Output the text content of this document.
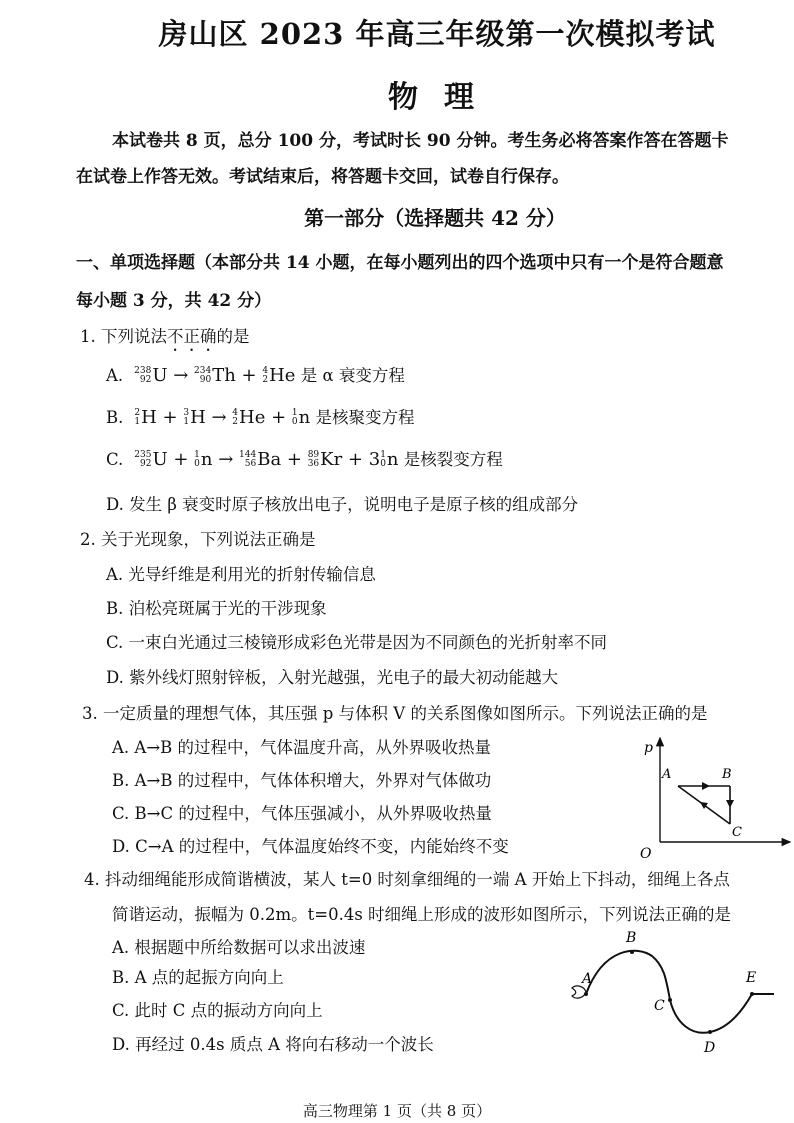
房山区 2023 年高三年级第一次模拟考试
物理
本试卷共 8 页，总分 100 分，考试时长 90 分钟。考生务必将答案作答在答题卡
在试卷上作答无效。考试结束后，将答题卡交回，试卷自行保存。
第一部分（选择题共 42 分）
一、单项选择题（本部分共 14 小题，在每小题列出的四个选项中只有一个是符合题意
每小题 3 分，共 42 分）
1. 下列说法不正确的是
A. 238
92 U → 234
90 Th + 4
2 He 是 α 衰变方程
B. 2
1 H + 3
1 H → 4
2 He + 1
0 n 是核聚变方程
C. 235
92 U + 1
0 n → 144
56 Ba + 89
36 Kr + 3 1
0 n 是核裂变方程
D. 发生 β 衰变时原子核放出电子，说明电子是原子核的组成部分
2. 关于光现象，下列说法正确是
A. 光导纤维是利用光的折射传输信息
B. 泊松亮斑属于光的干涉现象
C. 一束白光通过三棱镜形成彩色光带是因为不同颜色的光折射率不同
D. 紫外线灯照射锌板，入射光越强，光电子的最大初动能越大
3. 一定质量的理想气体，其压强 p 与体积 V 的关系图像如图所示。下列说法正确的是
A. A→B 的过程中，气体温度升高，从外界吸收热量
B. A→B 的过程中，气体体积增大，外界对气体做功
C. B→C 的过程中，气体压强减小，从外界吸收热量
D. C→A 的过程中，气体温度始终不变，内能始终不变
p
O
A	B
C
4. 抖动细绳能形成简谐横波，某人 t=0 时刻拿细绳的一端 A 开始上下抖动，细绳上各点
简谐运动，振幅为 0.2m。t=0.4s 时细绳上形成的波形如图所示，下列说法正确的是
A. 根据题中所给数据可以求出波速
B. A 点的起振方向向上
C. 此时 C 点的振动方向向上
D. 再经过 0.4s 质点 A 将向右移动一个波长
A
B
C
D
E
高三物理第 1 页（共 8 页）
